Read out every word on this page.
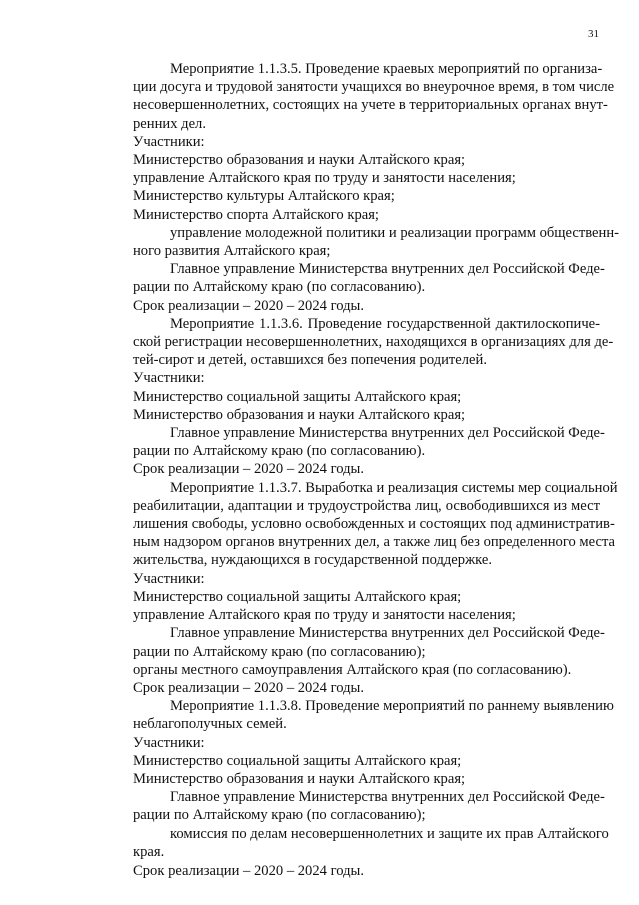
31
Мероприятие 1.1.3.5. Проведение краевых мероприятий по организа-
ции досуга и трудовой занятости учащихся во внеурочное время, в том числе
несовершеннолетних, состоящих на учете в территориальных органах внут-
ренних дел.
Участники:
Министерство образования и науки Алтайского края;
управление Алтайского края по труду и занятости населения;
Министерство культуры Алтайского края;
Министерство спорта Алтайского края;
управление молодежной политики и реализации программ общественн-
ного развития Алтайского края;
Главное управление Министерства внутренних дел Российской Феде-
рации по Алтайскому краю (по согласованию).
Срок реализации – 2020 – 2024 годы.
Мероприятие 1.1.3.6. Проведение государственной дактилоскопиче-
ской регистрации несовершеннолетних, находящихся в организациях для де-
тей-сирот и детей, оставшихся без попечения родителей.
Участники:
Министерство социальной защиты Алтайского края;
Министерство образования и науки Алтайского края;
Главное управление Министерства внутренних дел Российской Феде-
рации по Алтайскому краю (по согласованию).
Срок реализации – 2020 – 2024 годы.
Мероприятие 1.1.3.7. Выработка и реализация системы мер социальной
реабилитации, адаптации и трудоустройства лиц, освободившихся из мест
лишения свободы, условно освобожденных и состоящих под административ-
ным надзором органов внутренних дел, а также лиц без определенного места
жительства, нуждающихся в государственной поддержке.
Участники:
Министерство социальной защиты Алтайского края;
управление Алтайского края по труду и занятости населения;
Главное управление Министерства внутренних дел Российской Феде-
рации по Алтайскому краю (по согласованию);
органы местного самоуправления Алтайского края (по согласованию).
Срок реализации – 2020 – 2024 годы.
Мероприятие 1.1.3.8. Проведение мероприятий по раннему выявлению
неблагополучных семей.
Участники:
Министерство социальной защиты Алтайского края;
Министерство образования и науки Алтайского края;
Главное управление Министерства внутренних дел Российской Феде-
рации по Алтайскому краю (по согласованию);
комиссия по делам несовершеннолетних и защите их прав Алтайского
края.
Срок реализации – 2020 – 2024 годы.
